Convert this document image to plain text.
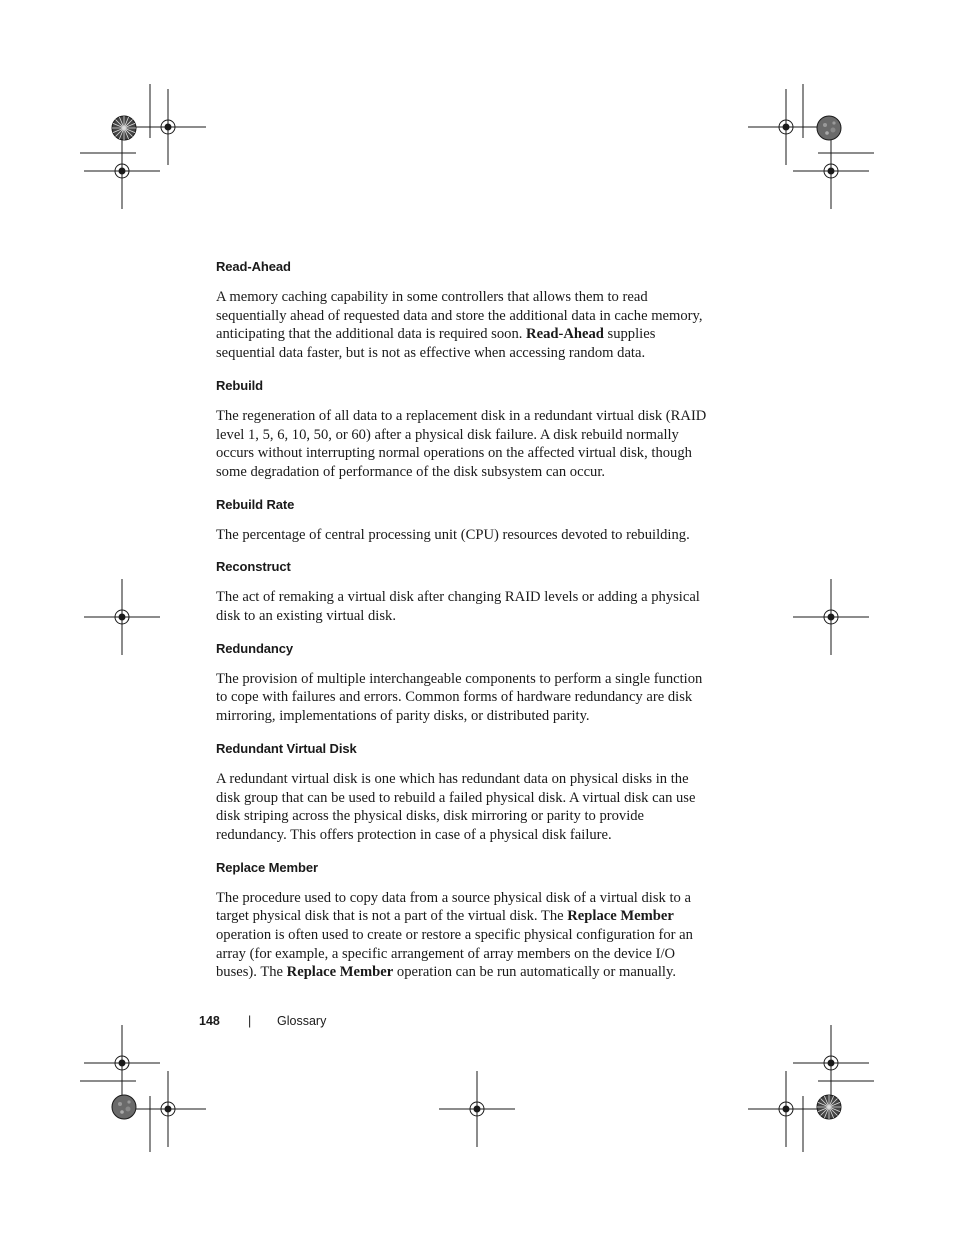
Read-Ahead

A memory caching capability in some controllers that allows them to read sequentially ahead of requested data and store the additional data in cache memory, anticipating that the additional data is required soon. Read-Ahead supplies sequential data faster, but is not as effective when accessing random data.

Rebuild

The regeneration of all data to a replacement disk in a redundant virtual disk (RAID level 1, 5, 6, 10, 50, or 60) after a physical disk failure. A disk rebuild normally occurs without interrupting normal operations on the affected virtual disk, though some degradation of performance of the disk subsystem can occur.

Rebuild Rate

The percentage of central processing unit (CPU) resources devoted to rebuilding.

Reconstruct

The act of remaking a virtual disk after changing RAID levels or adding a physical disk to an existing virtual disk.

Redundancy

The provision of multiple interchangeable components to perform a single function to cope with failures and errors. Common forms of hardware redundancy are disk mirroring, implementations of parity disks, or distributed parity.

Redundant Virtual Disk

A redundant virtual disk is one which has redundant data on physical disks in the disk group that can be used to rebuild a failed physical disk. A virtual disk can use disk striping across the physical disks, disk mirroring or parity to provide redundancy. This offers protection in case of a physical disk failure.

Replace Member

The procedure used to copy data from a source physical disk of a virtual disk to a target physical disk that is not a part of the virtual disk. The Replace Member operation is often used to create or restore a specific physical configuration for an array (for example, a specific arrangement of array members on the device I/O buses). The Replace Member operation can be run automatically or manually.

148 | Glossary
